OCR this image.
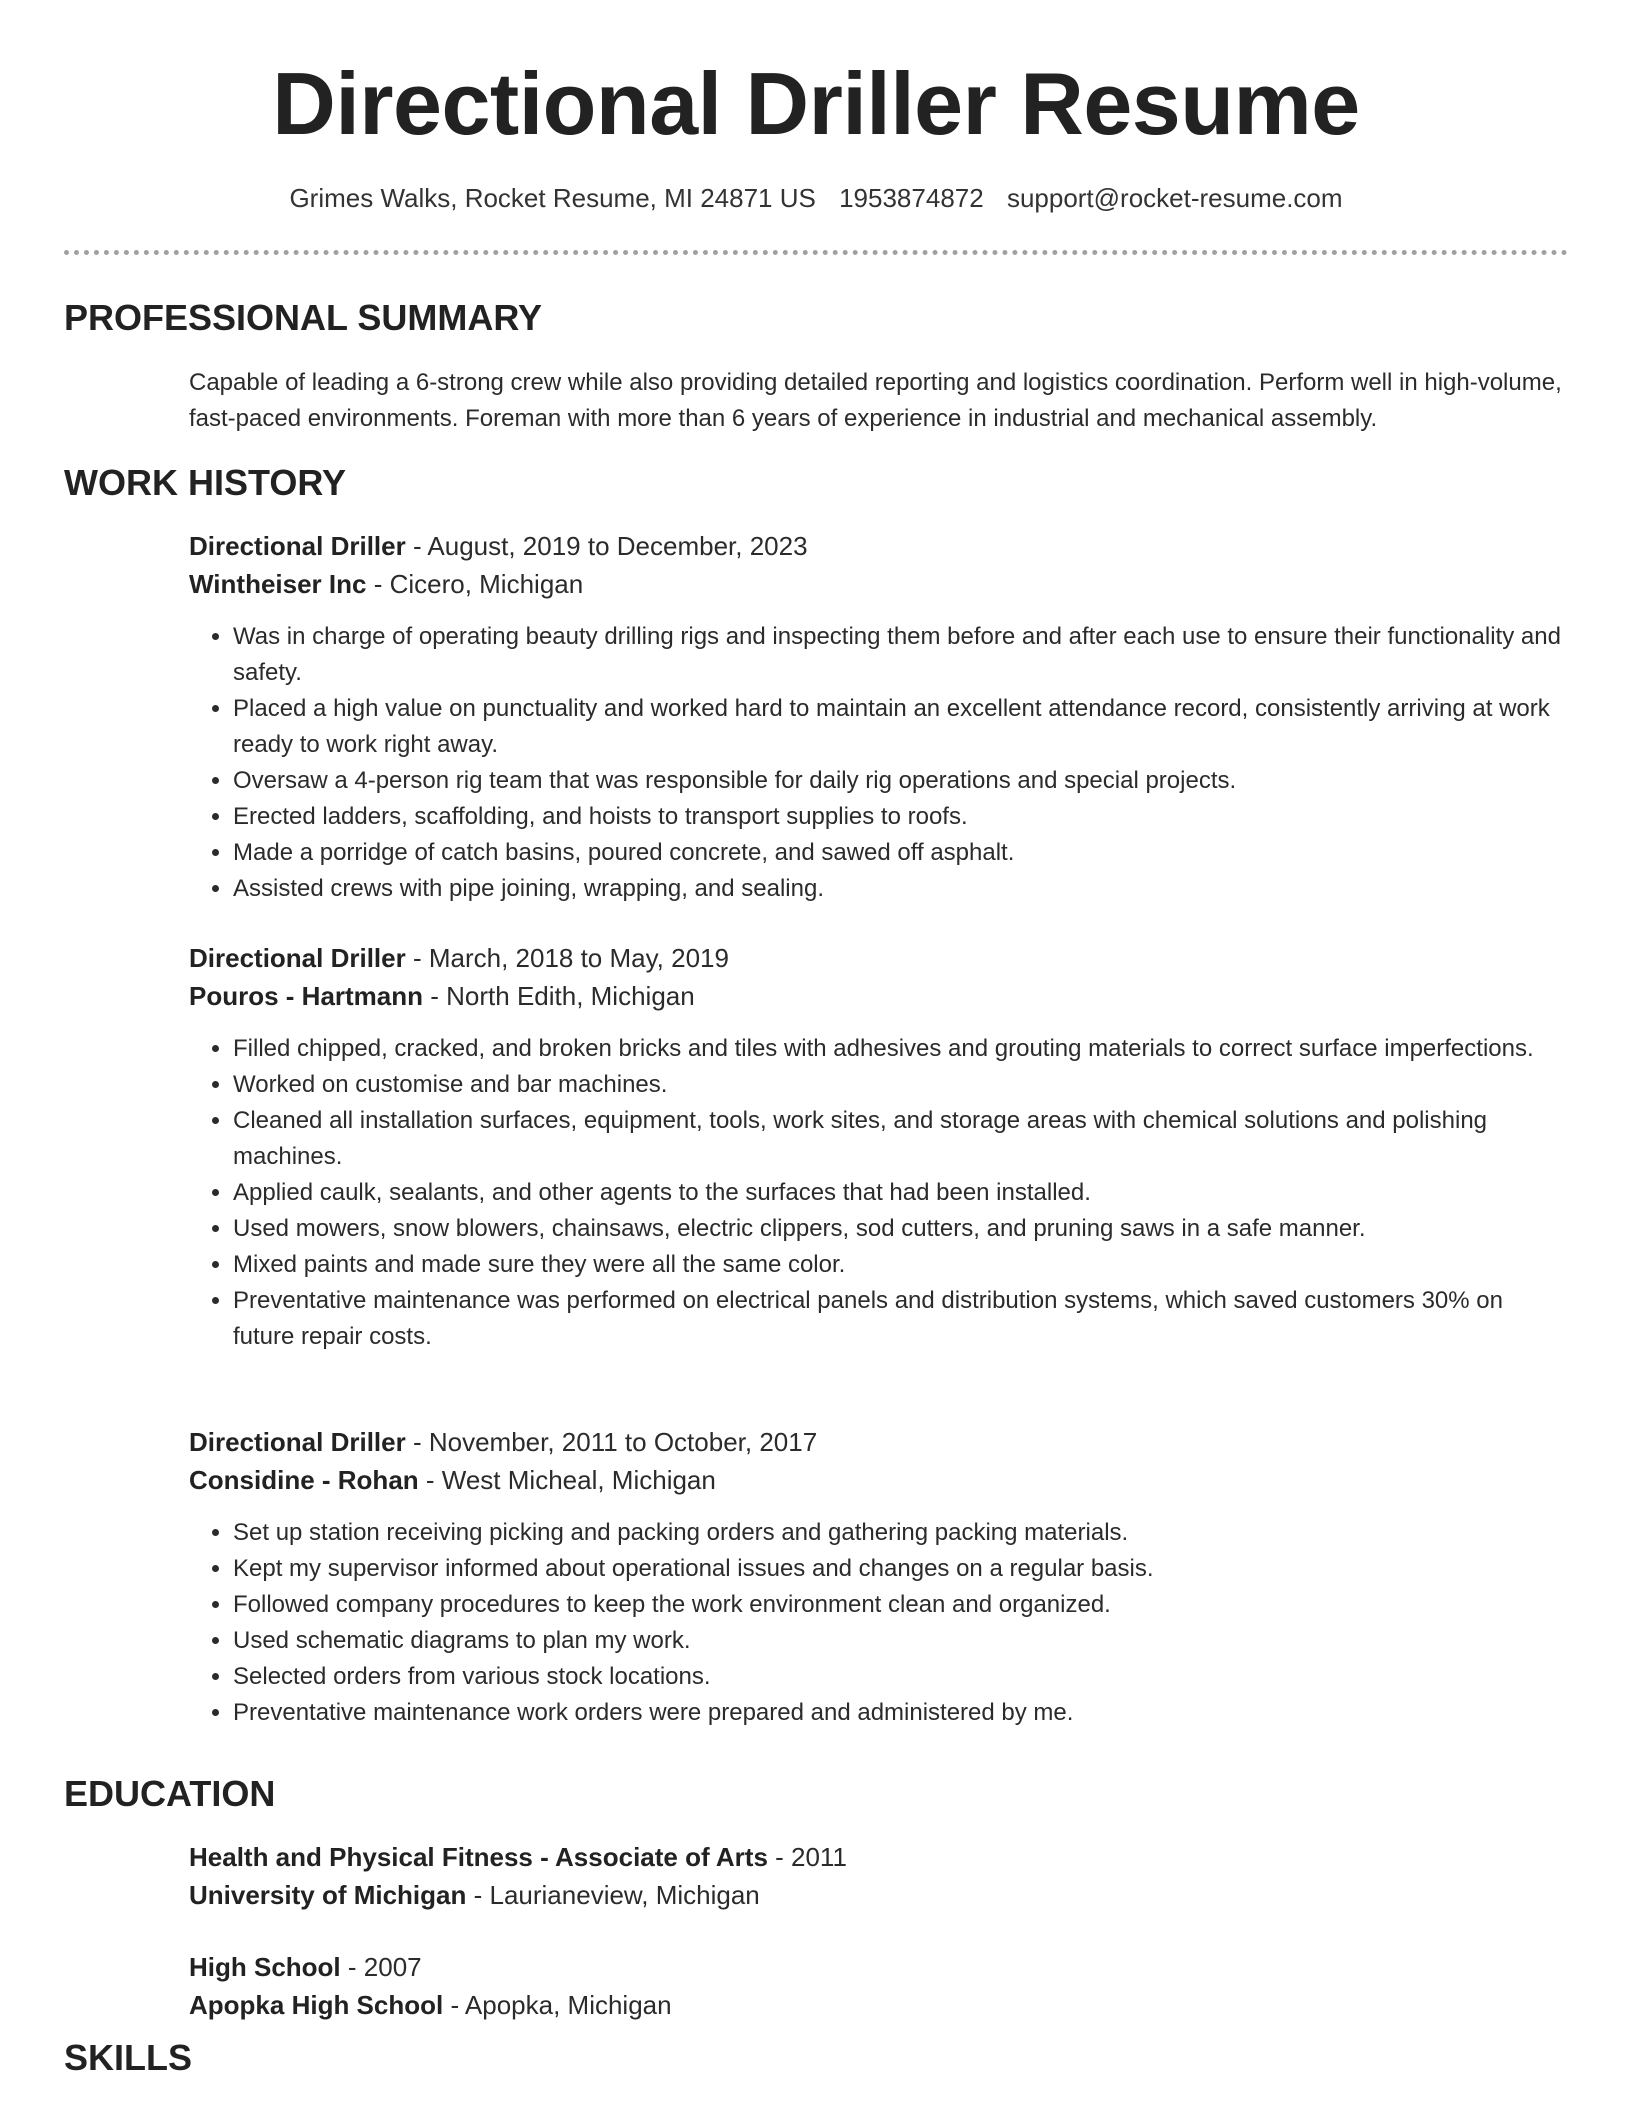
Directional Driller Resume
Grimes Walks, Rocket Resume, MI 24871 US 1953874872 support@rocket-resume.com
PROFESSIONAL SUMMARY
Capable of leading a 6-strong crew while also providing detailed reporting and logistics coordination. Perform well in high-volume, fast-paced environments. Foreman with more than 6 years of experience in industrial and mechanical assembly.
WORK HISTORY
Directional Driller - August, 2019 to December, 2023
Wintheiser Inc - Cicero, Michigan
• Was in charge of operating beauty drilling rigs and inspecting them before and after each use to ensure their functionality and safety.
• Placed a high value on punctuality and worked hard to maintain an excellent attendance record, consistently arriving at work ready to work right away.
• Oversaw a 4-person rig team that was responsible for daily rig operations and special projects.
• Erected ladders, scaffolding, and hoists to transport supplies to roofs.
• Made a porridge of catch basins, poured concrete, and sawed off asphalt.
• Assisted crews with pipe joining, wrapping, and sealing.
Directional Driller - March, 2018 to May, 2019
Pouros - Hartmann - North Edith, Michigan
• Filled chipped, cracked, and broken bricks and tiles with adhesives and grouting materials to correct surface imperfections.
• Worked on customise and bar machines.
• Cleaned all installation surfaces, equipment, tools, work sites, and storage areas with chemical solutions and polishing machines.
• Applied caulk, sealants, and other agents to the surfaces that had been installed.
• Used mowers, snow blowers, chainsaws, electric clippers, sod cutters, and pruning saws in a safe manner.
• Mixed paints and made sure they were all the same color.
• Preventative maintenance was performed on electrical panels and distribution systems, which saved customers 30% on future repair costs.
Directional Driller - November, 2011 to October, 2017
Considine - Rohan - West Micheal, Michigan
• Set up station receiving picking and packing orders and gathering packing materials.
• Kept my supervisor informed about operational issues and changes on a regular basis.
• Followed company procedures to keep the work environment clean and organized.
• Used schematic diagrams to plan my work.
• Selected orders from various stock locations.
• Preventative maintenance work orders were prepared and administered by me.
EDUCATION
Health and Physical Fitness - Associate of Arts - 2011
University of Michigan - Laurianeview, Michigan
High School - 2007
Apopka High School - Apopka, Michigan
SKILLS
